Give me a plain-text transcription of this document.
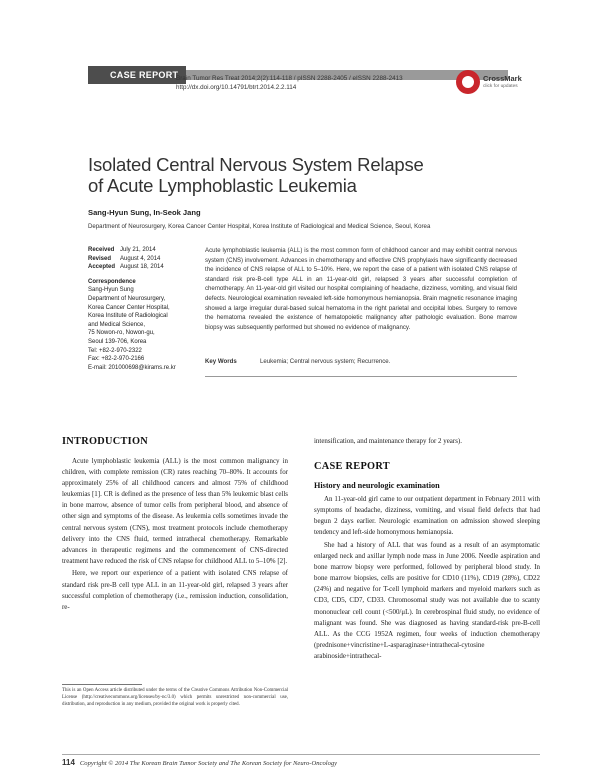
CASE REPORT
Brain Tumor Res Treat 2014;2(2):114-118 / pISSN 2288-2405 / eISSN 2288-2413
http://dx.doi.org/10.14791/btrt.2014.2.2.114
CrossMark
click for updates
Isolated Central Nervous System Relapse
of Acute Lymphoblastic Leukemia
Sang-Hyun Sung, In-Seok Jang
Department of Neurosurgery, Korea Cancer Center Hospital, Korea Institute of Radiological and Medical Science, Seoul, Korea
Received July 21, 2014
Revised	August 4, 2014
Accepted August 18, 2014
Correspondence
Sang-Hyun Sung
Department of Neurosurgery,
Korea Cancer Center Hospital,
Korea Institute of Radiological
and Medical Science,
75 Nowon-ro, Nowon-gu,
Seoul 139-706, Korea
Tel: +82-2-970-2322
Fax: +82-2-970-2166
E-mail: 201000698@kirams.re.kr
Acute lymphoblastic leukemia (ALL) is the most common form of childhood cancer and may exhibit central nervous system (CNS) involvement. Advances in chemotherapy and effective CNS prophylaxis have significantly decreased the incidence of CNS relapse of ALL to 5–10%. Here, we report the case of a patient with isolated CNS relapse of standard risk pre-B-cell type ALL in an 11-year-old girl, relapsed 3 years after successful completion of chemotherapy. An 11-year-old girl visited our hospital complaining of headache, dizziness, vomiting, and visual field defects. Neurological examination revealed left-side homonymous hemianopsia. Brain magnetic resonance imaging showed a large irregular dural-based sulcal hematoma in the right parietal and occipital lobes. Surgery to remove the hematoma revealed the existence of hematopoietic malignancy after pathologic evaluation. Bone marrow biopsy was subsequently performed but showed no evidence of malignancy.
Key Words	Leukemia; Central nervous system; Recurrence.
INTRODUCTION

Acute lymphoblastic leukemia (ALL) is the most common malignancy in children, with complete remission (CR) rates reaching 70–80%. It accounts for approximately 25% of all childhood cancers and almost 75% of childhood leukemias [1]. CR is defined as the presence of less than 5% leukemic blast cells in bone marrow, absence of tumor cells from peripheral blood, and absence of other sign and symptoms of the disease. As leukemia cells sometimes invade the central nervous system (CNS), most treatment protocols include chemotherapy delivery into the CNS fluid, termed intrathecal chemotherapy. Remarkable advances in therapeutic regimens and the commencement of CNS-directed treatment have reduced the risk of CNS relapse for childhood ALL to 5–10% [2].

Here, we report our experience of a patient with isolated CNS relapse of standard risk pre-B cell type ALL in an 11-year-old girl, relapsed 3 years after successful completion of chemotherapy (i.e., remission induction, consolidation, re-

This is an Open Access article distributed under the terms of the Creative Commons Attribution Non-Commercial License (http://creativecommons.org/licenses/by-nc/3.0) which permits unrestricted non-commercial use, distribution, and reproduction in any medium, provided the original work is properly cited.

intensification, and maintenance therapy for 2 years).

CASE REPORT
History and neurologic examination

An 11-year-old girl came to our outpatient department in February 2011 with symptoms of headache, dizziness, vomiting, and visual field defects that had begun 2 days earlier. Neurologic examination on admission showed sleeping tendency and left-side homonymous hemianopsia.

She had a history of ALL that was found as a result of an asymptomatic enlarged neck and axillar lymph node mass in June 2006. Needle aspiration and bone marrow biopsy were performed, followed by peripheral blood study. In bone marrow biopsies, cells are positive for CD10 (11%), CD19 (28%), CD22 (24%) and negative for T-cell lymphoid markers and myeloid markers such as CD3, CD5, CD7, CD33. Chromosomal study was not available due to scanty mononuclear cell count (<500/μL). In cerebrospinal fluid study, no evidence of malignant was found. She was diagnosed as having standard-risk pre-B-cell ALL. As the CCG 1952A regimen, four weeks of induction chemotherapy (prednisone+vincristine+L-asparaginase+intrathecal-cytosine arabinoside+intrathecal-

114 Copyright © 2014 The Korean Brain Tumor Society and The Korean Society for Neuro-Oncology
